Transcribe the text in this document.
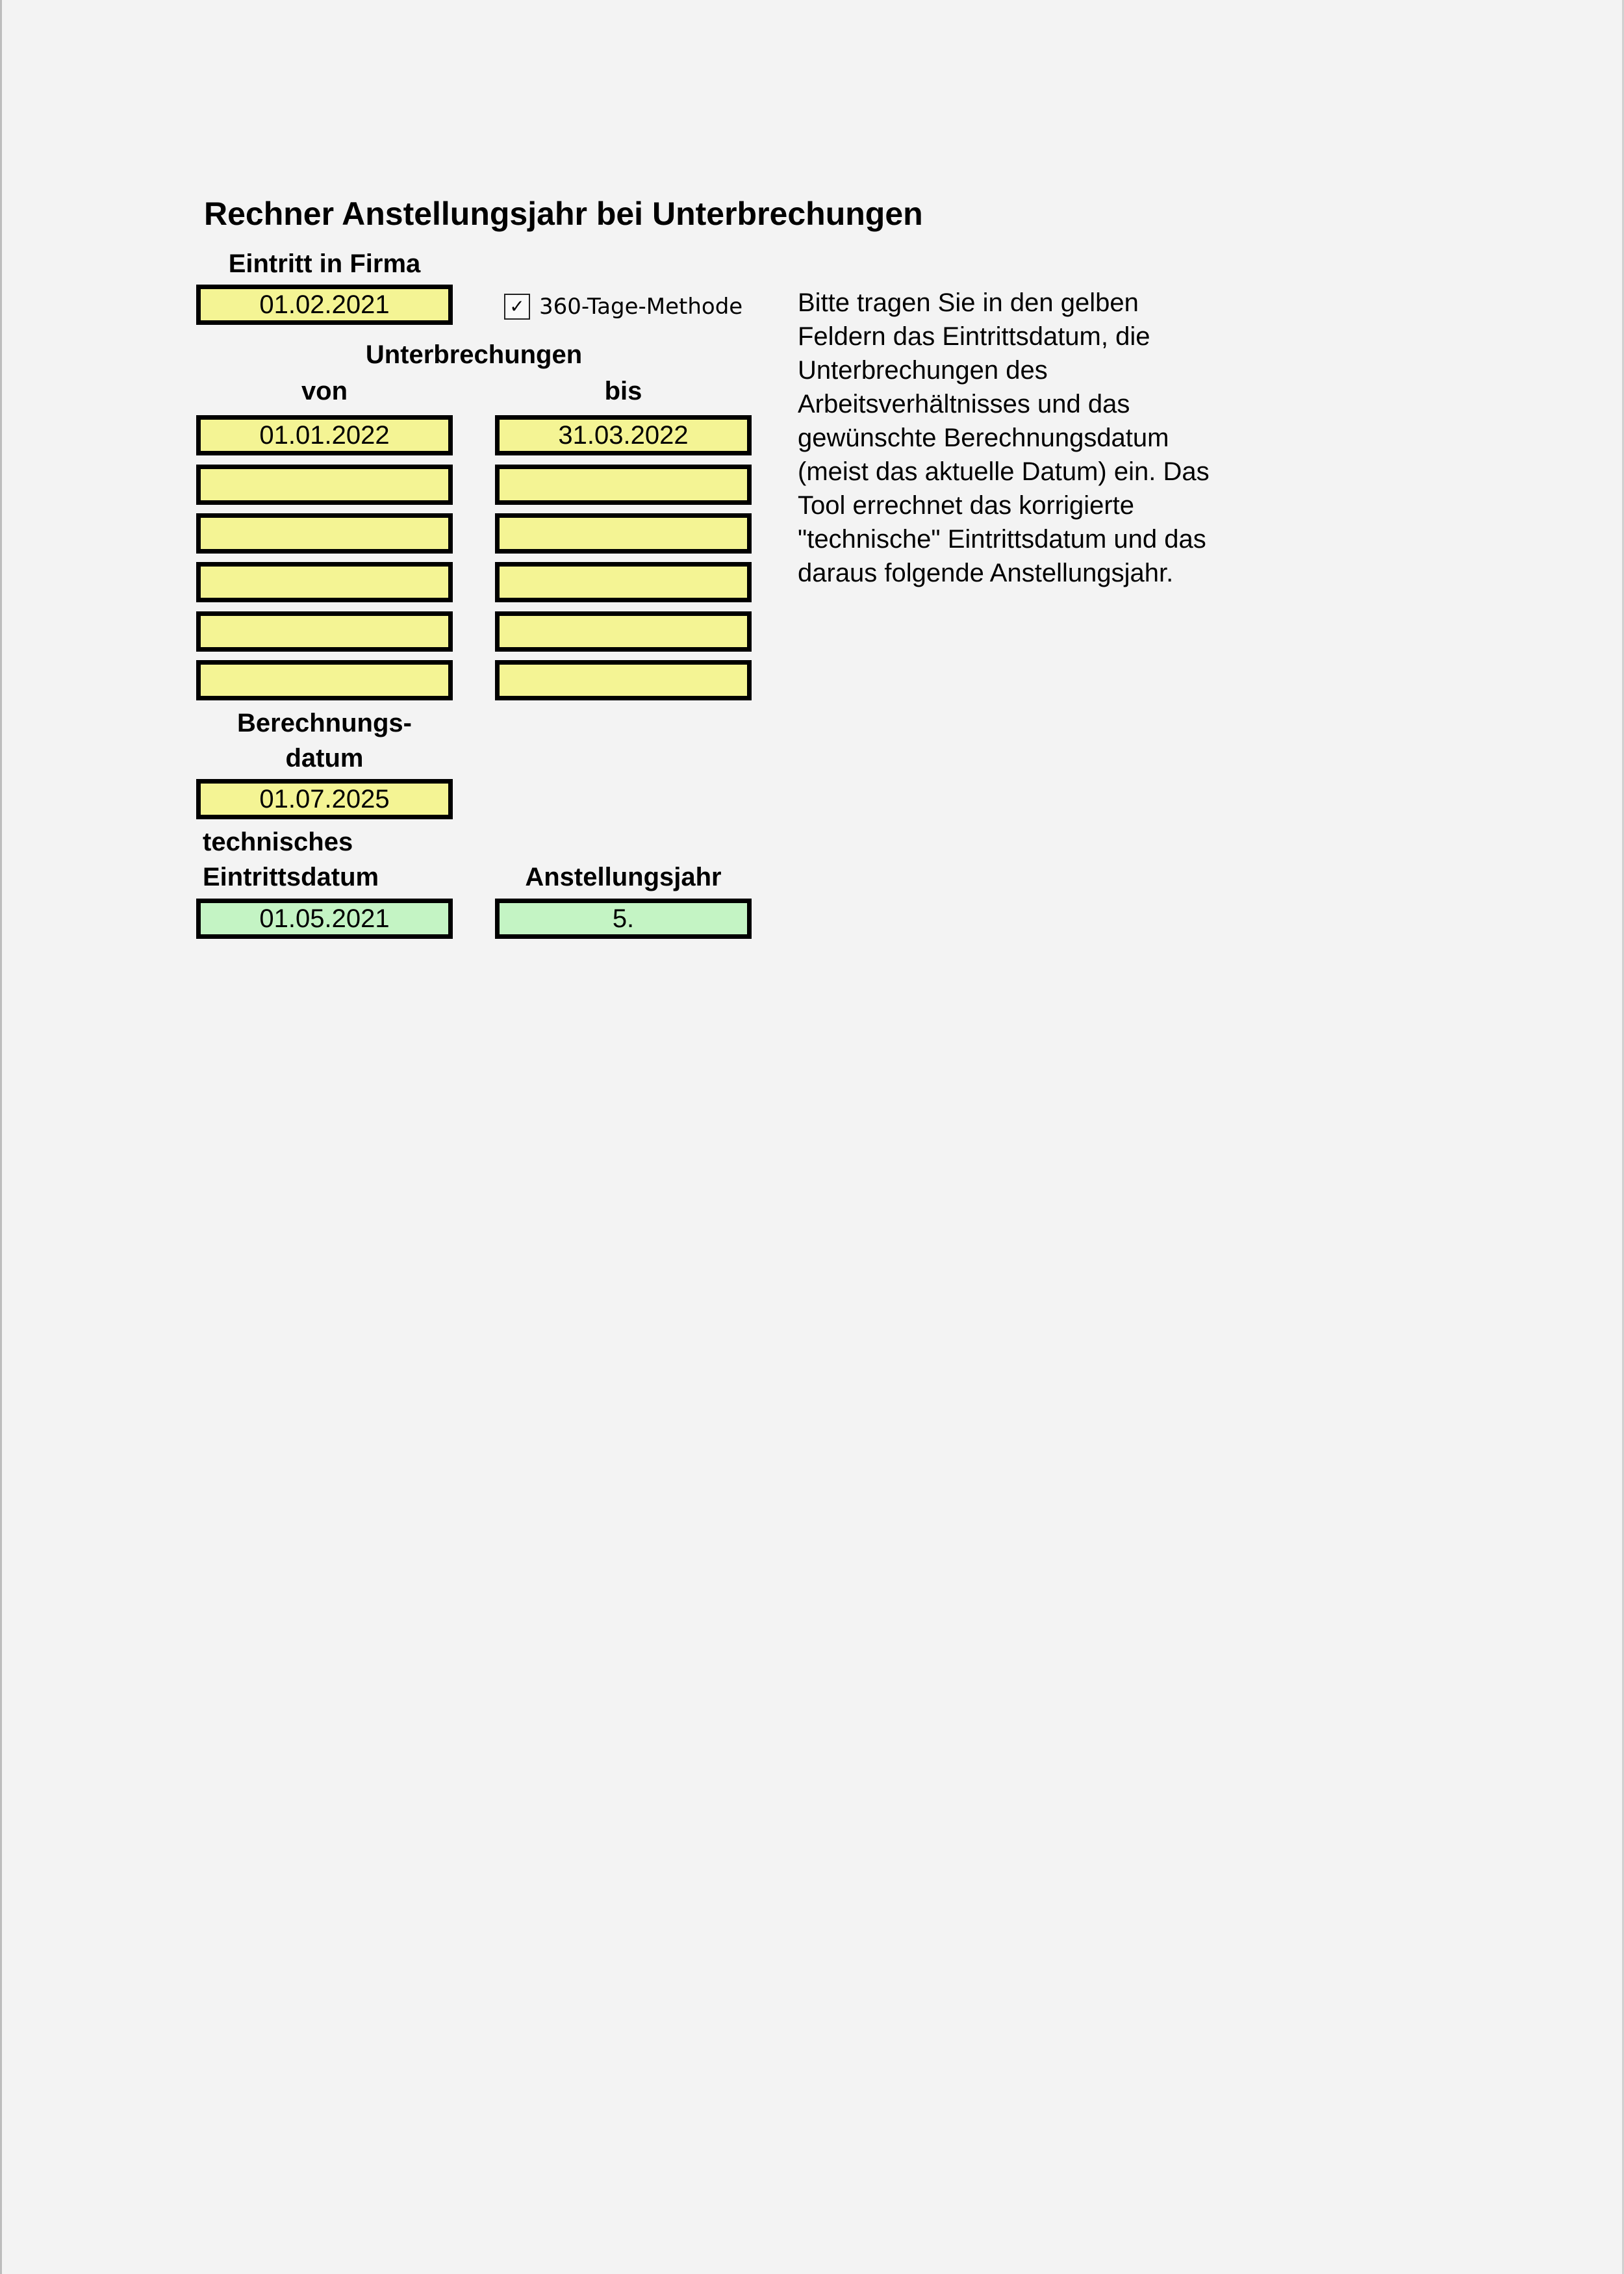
Rechner Anstellungsjahr bei Unterbrechungen
Eintritt in Firma
01.02.2021	✓ 360-Tage-Methode
Unterbrechungen
von	bis
01.01.2022	31.03.2022
Berechnungs-
datum
01.07.2025
technisches
Eintrittsdatum
01.05.2021
Anstellungsjahr
5.
Bitte tragen Sie in den gelben Feldern das Eintrittsdatum, die Unterbrechungen des Arbeitsverhältnisses und das gewünschte Berechnungsdatum (meist das aktuelle Datum) ein. Das Tool errechnet das korrigierte "technische" Eintrittsdatum und das daraus folgende Anstellungsjahr.
